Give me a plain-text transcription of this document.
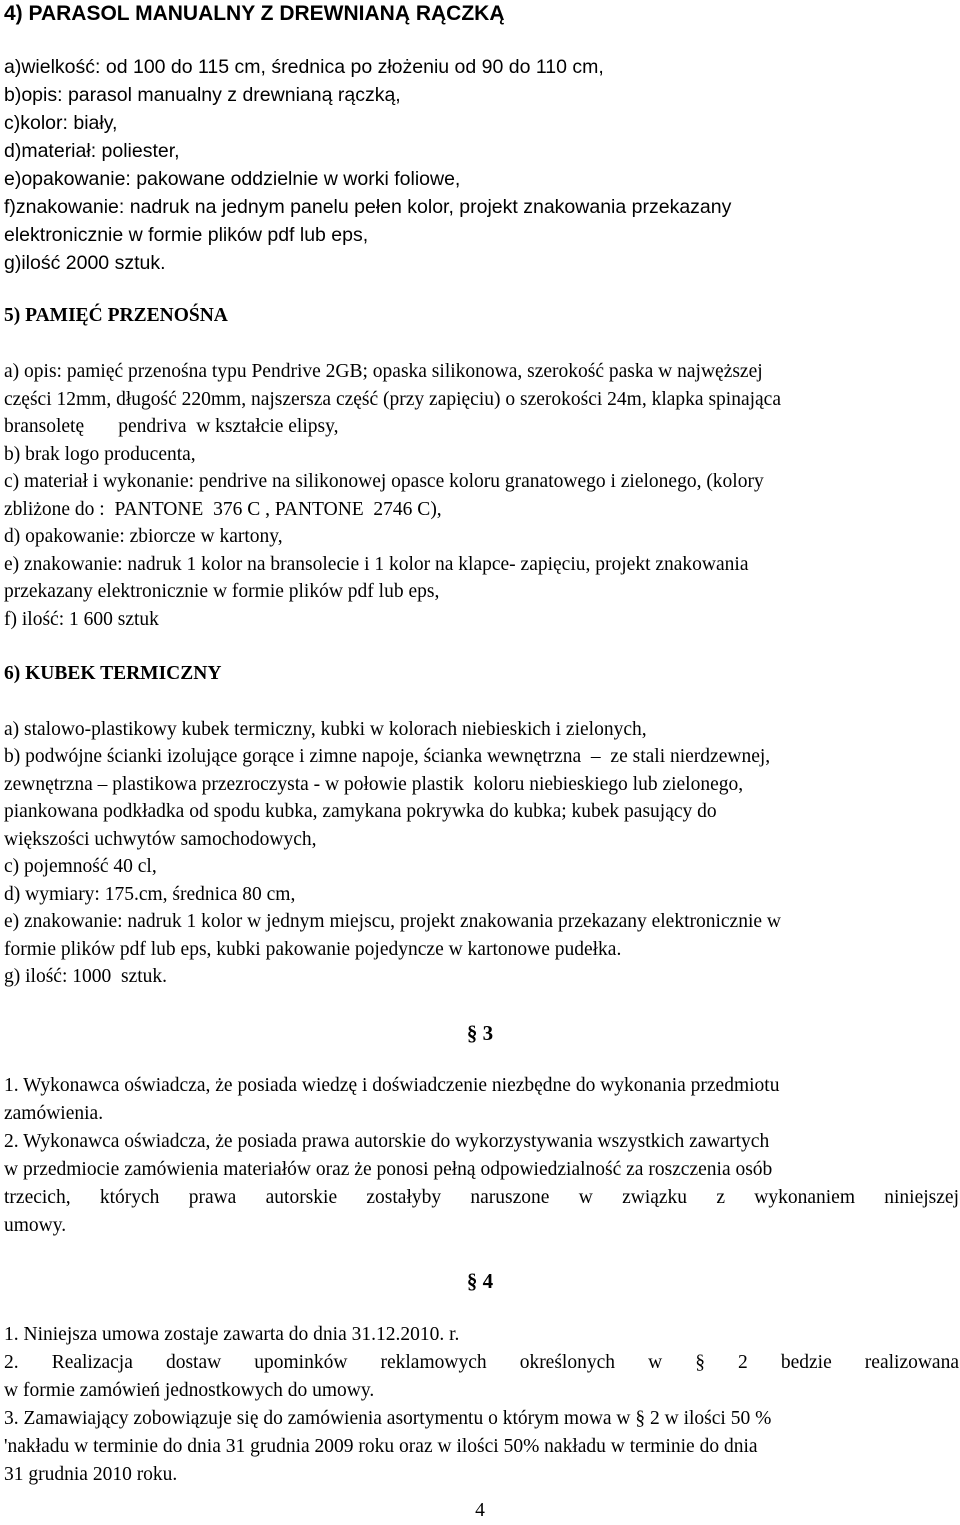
4) PARASOL MANUALNY Z DREWNIANĄ RĄCZKĄ

a)wielkość: od 100 do 115 cm, średnica po złożeniu od 90 do 110 cm,

b)opis: parasol manualny z drewnianą rączką,

c)kolor: biały,

d)materiał: poliester,

e)opakowanie: pakowane oddzielnie w worki foliowe,

f)znakowanie: nadruk na jednym panelu pełen kolor, projekt znakowania przekazany

elektronicznie w formie plików pdf lub eps,

g)ilość 2000 sztuk.

5) PAMIĘĆ PRZENOŚNA

a) opis: pamięć przenośna typu Pendrive 2GB; opaska silikonowa, szerokość paska w najwęższej

części 12mm, długość 220mm, najszersza część (przy zapięciu) o szerokości 24m, klapka spinająca

bransoletę       pendriva  w kształcie elipsy,

b) brak logo producenta,

c) materiał i wykonanie: pendrive na silikonowej opasce koloru granatowego i zielonego, (kolory

zbliżone do :  PANTONE  376 C , PANTONE  2746 C),

d) opakowanie: zbiorcze w kartony,

e) znakowanie: nadruk 1 kolor na bransolecie i 1 kolor na klapce- zapięciu, projekt znakowania

przekazany elektronicznie w formie plików pdf lub eps,

f) ilość: 1 600 sztuk

6) KUBEK TERMICZNY

a) stalowo-plastikowy kubek termiczny, kubki w kolorach niebieskich i zielonych,

b) podwójne ścianki izolujące gorące i zimne napoje, ścianka wewnętrzna  –  ze stali nierdzewnej,

zewnętrzna – plastikowa przezroczysta - w połowie plastik  koloru niebieskiego lub zielonego,

piankowana podkładka od spodu kubka, zamykana pokrywka do kubka; kubek pasujący do

większości uchwytów samochodowych,

c) pojemność 40 cl,

d) wymiary: 175.cm, średnica 80 cm,

e) znakowanie: nadruk 1 kolor w jednym miejscu, projekt znakowania przekazany elektronicznie w

formie plików pdf lub eps, kubki pakowanie pojedyncze w kartonowe pudełka.

g) ilość: 1000  sztuk.

§ 3

1. Wykonawca oświadcza, że posiada wiedzę i doświadczenie niezbędne do wykonania przedmiotu

zamówienia.

2. Wykonawca oświadcza, że posiada prawa autorskie do wykorzystywania wszystkich zawartych

w przedmiocie zamówienia materiałów oraz że ponosi pełną odpowiedzialność za roszczenia osób

trzecich, których prawa autorskie zostałyby naruszone w związku z wykonaniem niniejszej

umowy.

§ 4

1. Niniejsza umowa zostaje zawarta do dnia 31.12.2010. r.

2. Realizacja dostaw upominków reklamowych określonych w § 2 bedzie realizowana

w formie zamówień jednostkowych do umowy.

3. Zamawiający zobowiązuje się do zamówienia asortymentu o którym mowa w § 2 w ilości 50 %

'nakładu w terminie do dnia 31 grudnia 2009 roku oraz w ilości 50% nakładu w terminie do dnia

31 grudnia 2010 roku.

4
